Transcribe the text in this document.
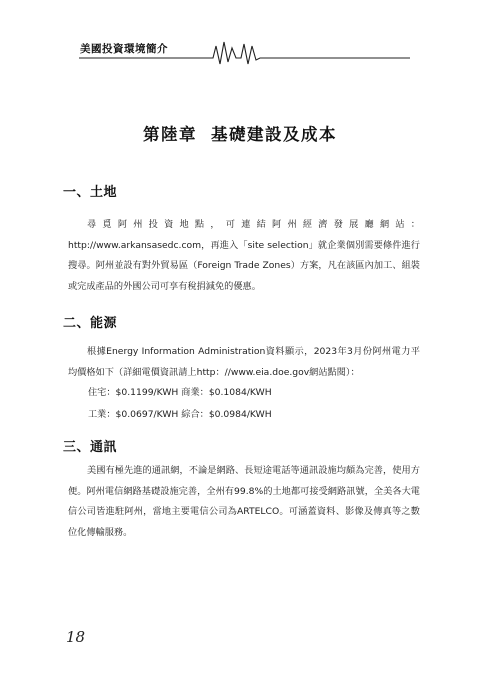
美國投資環境簡介
第陸章 基礎建設及成本
一、土地
尋覓阿州投資地點，可連結阿州經濟發展廳網站：http://www.arkansasedc.com，再進入「site selection」就企業個別需要條件進行搜尋。阿州並設有對外貿易區（Foreign Trade Zones）方案，凡在該區內加工、組裝或完成產品的外國公司可享有稅捐減免的優惠。
二、能源
根據Energy Information Administration資料顯示，2023年3月份阿州電力平均價格如下（詳細電價資訊請上http：//www.eia.doe.gov網站點閱）：
住宅：$0.1199/KWH 商業：$0.1084/KWH
工業：$0.0697/KWH 綜合：$0.0984/KWH
三、通訊
美國有極先進的通訊網，不論是網路、長短途電話等通訊設施均頗為完善，使用方便。阿州電信網路基礎設施完善，全州有99.8%的土地都可接受網路訊號，全美各大電信公司皆進駐阿州，當地主要電信公司為ARTELCO。可涵蓋資料、影像及傳真等之數位化傳輸服務。
18
